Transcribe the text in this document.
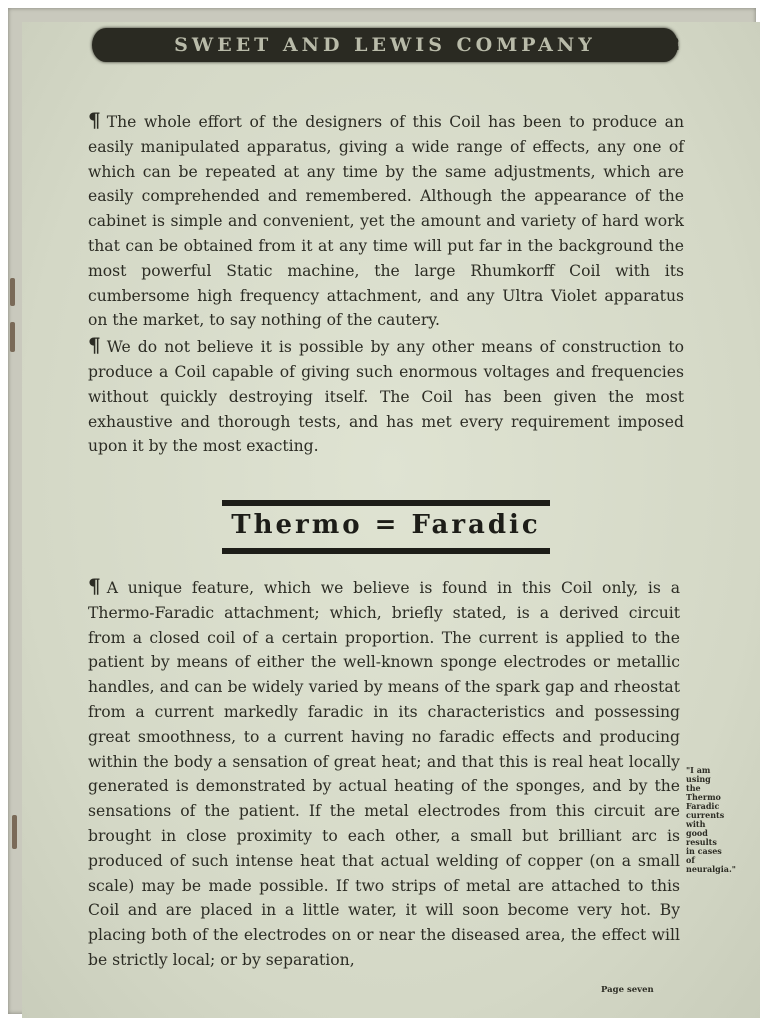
SWEET AND LEWIS COMPANY	2

¶ The whole effort of the designers of this Coil has been to produce an easily manipulated apparatus, giving a wide range of effects, any one of which can be repeated at any time by the same adjustments, which are easily comprehended and remembered. Although the appearance of the cabinet is simple and convenient, yet the amount and variety of hard work that can be obtained from it at any time will put far in the background the most powerful Static machine, the large Rhumkorff Coil with its cumbersome high frequency attachment, and any Ultra Violet apparatus on the market, to say nothing of the cautery.

¶ We do not believe it is possible by any other means of construction to produce a Coil capable of giving such enormous voltages and frequencies without quickly destroying itself. The Coil has been given the most exhaustive and thorough tests, and has met every requirement imposed upon it by the most exacting.

Thermo = Faradic

¶ A unique feature, which we believe is found in this Coil only, is a Thermo-Faradic attachment; which, briefly stated, is a derived circuit from a closed coil of a certain proportion. The current is applied to the patient by means of either the well-known sponge electrodes or metallic handles, and can be widely varied by means of the spark gap and rheostat from a current markedly faradic in its characteristics and possessing great smoothness, to a current having no faradic effects and producing within the body a sensation of great heat; and that this is real heat locally generated is demonstrated by actual heating of the sponges, and by the sensations of the patient. If the metal electrodes from this circuit are brought in close proximity to each other, a small but brilliant arc is produced of such intense heat that actual welding of copper (on a small scale) may be made possible. If two strips of metal are attached to this Coil and are placed in a little water, it will soon become very hot. By placing both of the electrodes on or near the diseased area, the effect will be strictly local; or by separation,

"I am
using
the
Thermo
Faradic
currents
with
good
results
in cases
of
neuralgia."
Page seven
